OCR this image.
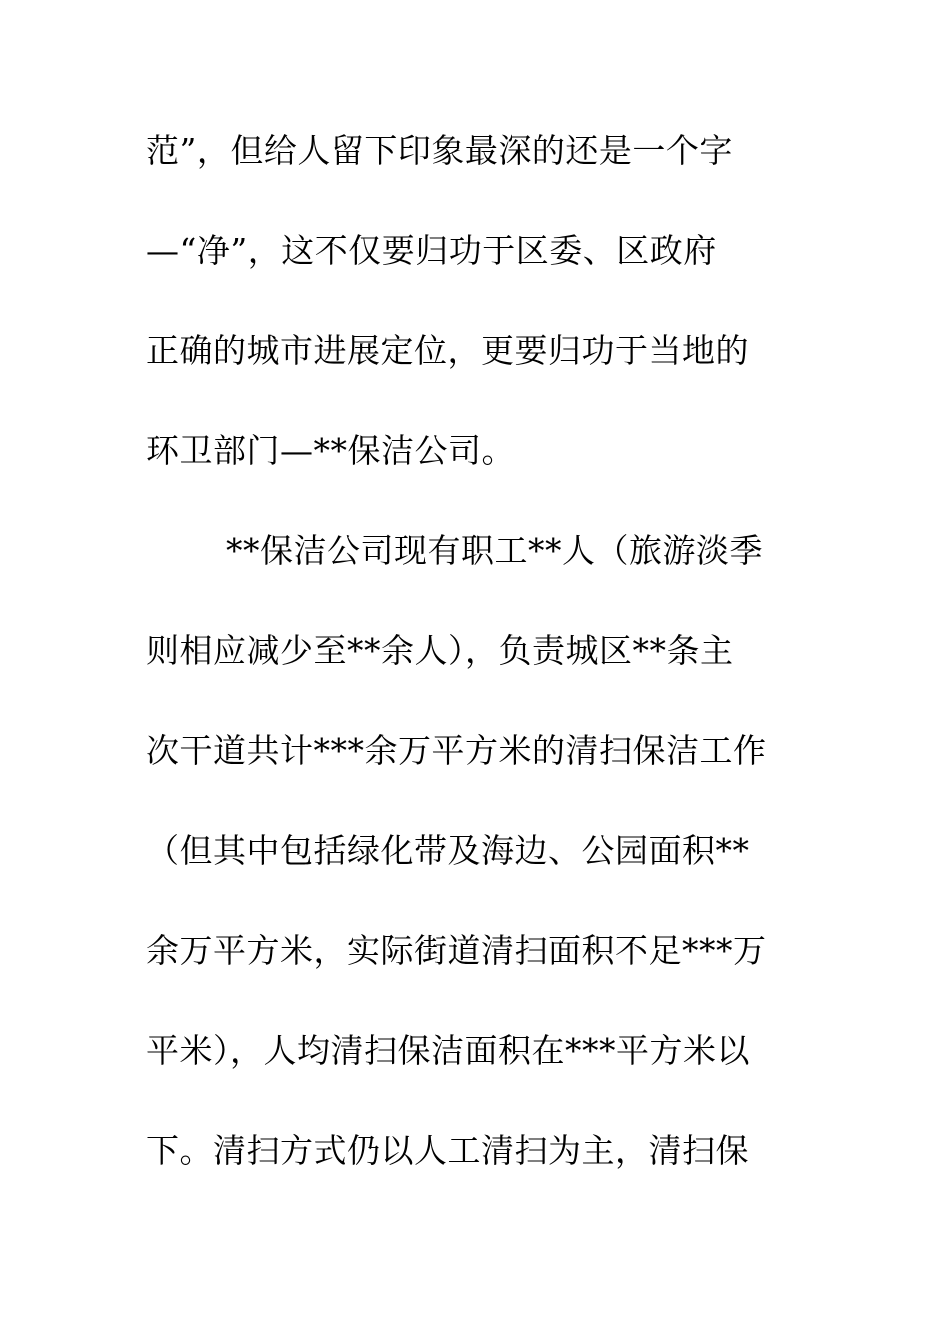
范”，但给人留下印象最深的还是一个字
—“净”，这不仅要归功于区委、区政府
正确的城市进展定位，更要归功于当地的
环卫部门—**保洁公司。
**保洁公司现有职工**人（旅游淡季
则相应减少至**余人），负责城区**条主
次干道共计***余万平方米的清扫保洁工作
（但其中包括绿化带及海边、公园面积**
余万平方米，实际街道清扫面积不足***万
平米），人均清扫保洁面积在***平方米以
下。清扫方式仍以人工清扫为主，清扫保
